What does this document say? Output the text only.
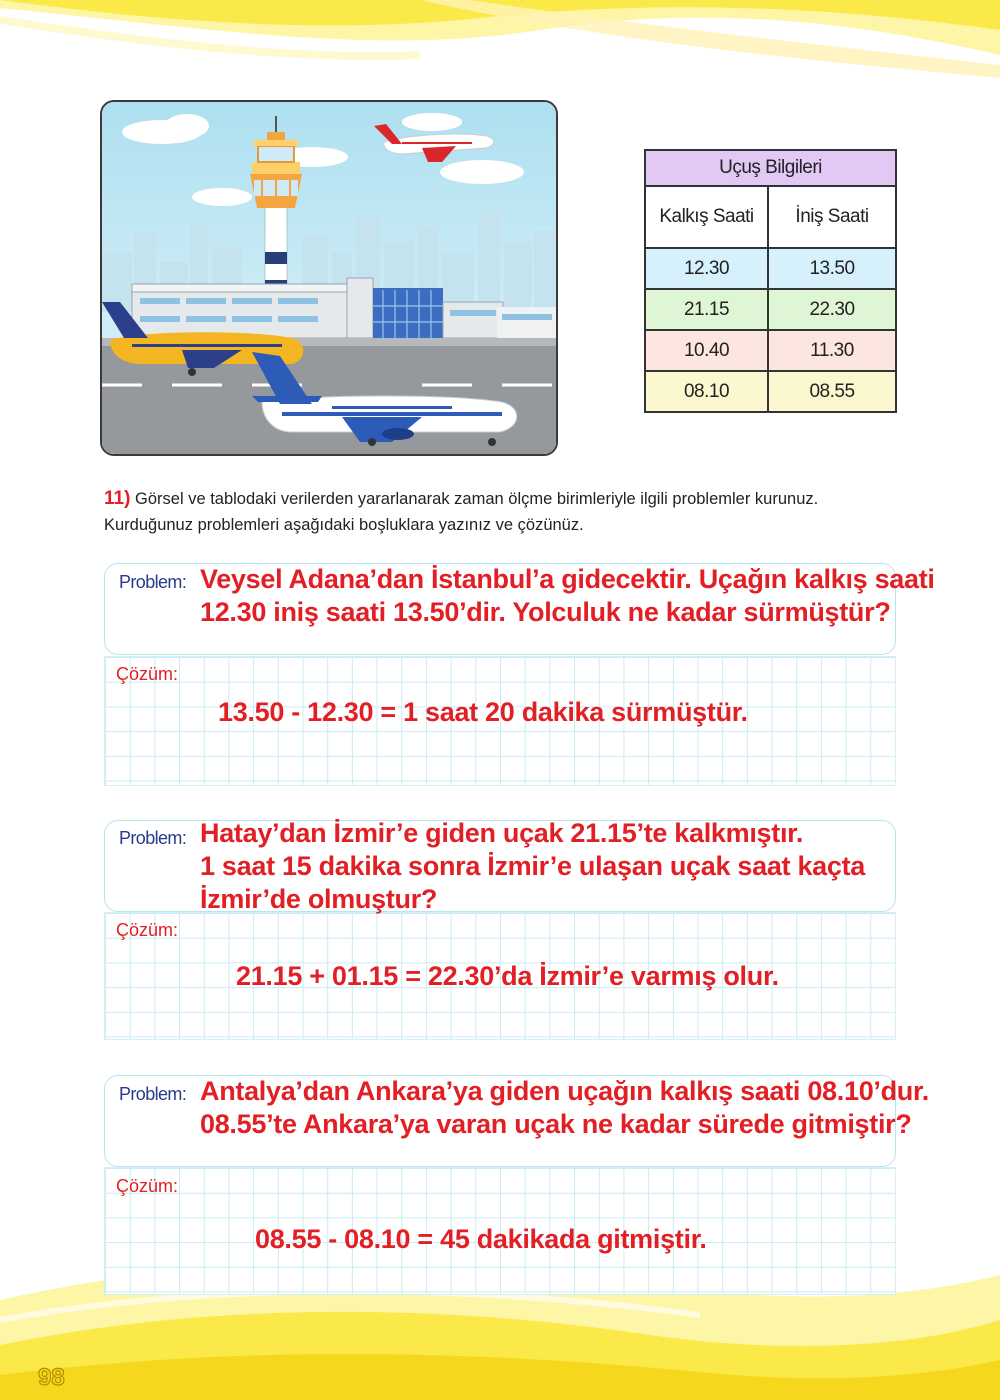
Uçuş Bilgileri	
Kalkış Saati	İniş Saati
12.30	13.50
21.15	22.30
10.40	11.30
08.10	08.55
11) Görsel ve tablodaki verilerden yararlanarak zaman ölçme birimleriyle ilgili problemler kurunuz. Kurduğunuz problemleri aşağıdaki boşluklara yazınız ve çözünüz.
Problem: Veysel Adana’dan İstanbul’a gidecektir. Uçağın kalkış saati
12.30 iniş saati 13.50’dir. Yolculuk ne kadar sürmüştür?
Çözüm:
13.50 - 12.30 = 1 saat 20 dakika sürmüştür.
Problem: Hatay’dan İzmir’e giden uçak 21.15’te kalkmıştır.
1 saat 15 dakika sonra İzmir’e ulaşan uçak saat kaçta
İzmir’de olmuştur?
Çözüm:
21.15 + 01.15 = 22.30’da İzmir’e varmış olur.
Problem: Antalya’dan Ankara’ya giden uçağın kalkış saati 08.10’dur.
08.55’te Ankara’ya varan uçak ne kadar sürede gitmiştir?
Çözüm:
08.55 - 08.10 = 45 dakikada gitmiştir.
98
